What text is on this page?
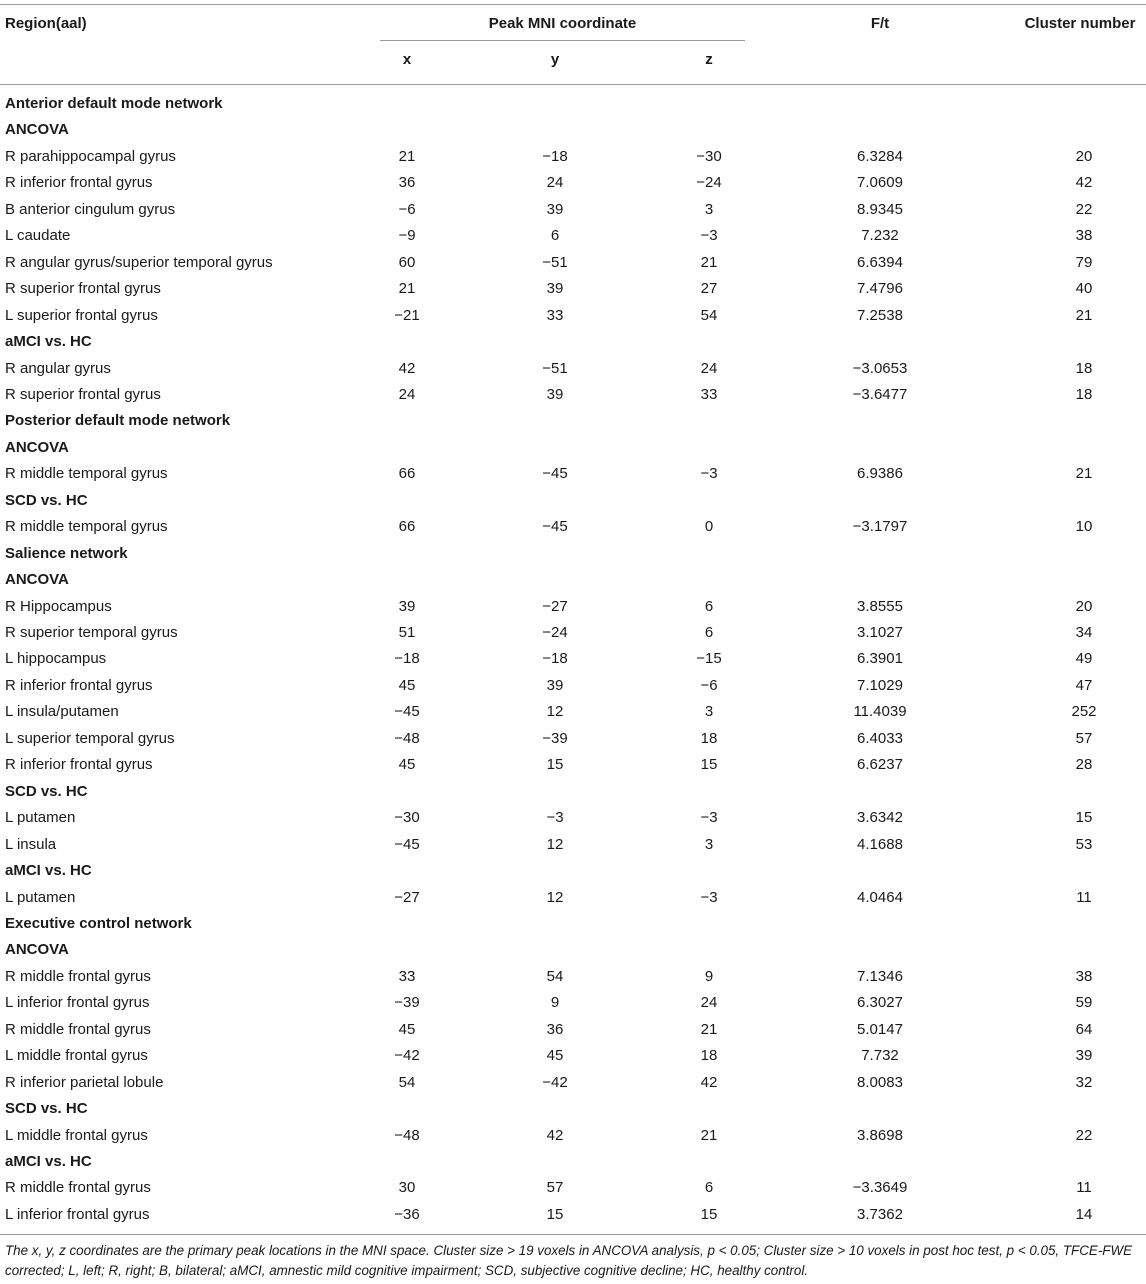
Region(aal)	Peak MNI coordinate	F/t	Cluster number
x	y	z
Anterior default mode network
ANCOVA
R parahippocampal gyrus	21	−18	−30	6.3284	20
R inferior frontal gyrus	36	24	−24	7.0609	42
B anterior cingulum gyrus	−6	39	3	8.9345	22
L caudate	−9	6	−3	7.232	38
R angular gyrus/superior temporal gyrus	60	−51	21	6.6394	79
R superior frontal gyrus	21	39	27	7.4796	40
L superior frontal gyrus	−21	33	54	7.2538	21
aMCI vs. HC
R angular gyrus	42	−51	24	−3.0653	18
R superior frontal gyrus	24	39	33	−3.6477	18
Posterior default mode network
ANCOVA
R middle temporal gyrus	66	−45	−3	6.9386	21
SCD vs. HC
R middle temporal gyrus	66	−45	0	−3.1797	10
Salience network
ANCOVA
R Hippocampus	39	−27	6	3.8555	20
R superior temporal gyrus	51	−24	6	3.1027	34
L hippocampus	−18	−18	−15	6.3901	49
R inferior frontal gyrus	45	39	−6	7.1029	47
L insula/putamen	−45	12	3	11.4039	252
L superior temporal gyrus	−48	−39	18	6.4033	57
R inferior frontal gyrus	45	15	15	6.6237	28
SCD vs. HC
L putamen	−30	−3	−3	3.6342	15
L insula	−45	12	3	4.1688	53
aMCI vs. HC
L putamen	−27	12	−3	4.0464	11
Executive control network
ANCOVA
R middle frontal gyrus	33	54	9	7.1346	38
L inferior frontal gyrus	−39	9	24	6.3027	59
R middle frontal gyrus	45	36	21	5.0147	64
L middle frontal gyrus	−42	45	18	7.732	39
R inferior parietal lobule	54	−42	42	8.0083	32
SCD vs. HC
L middle frontal gyrus	−48	42	21	3.8698	22
aMCI vs. HC
R middle frontal gyrus	30	57	6	−3.3649	11
L inferior frontal gyrus	−36	15	15	3.7362	14
The x, y, z coordinates are the primary peak locations in the MNI space. Cluster size > 19 voxels in ANCOVA analysis, p < 0.05; Cluster size > 10 voxels in post hoc test, p < 0.05, TFCE-FWE corrected; L, left; R, right; B, bilateral; aMCI, amnestic mild cognitive impairment; SCD, subjective cognitive decline; HC, healthy control.
